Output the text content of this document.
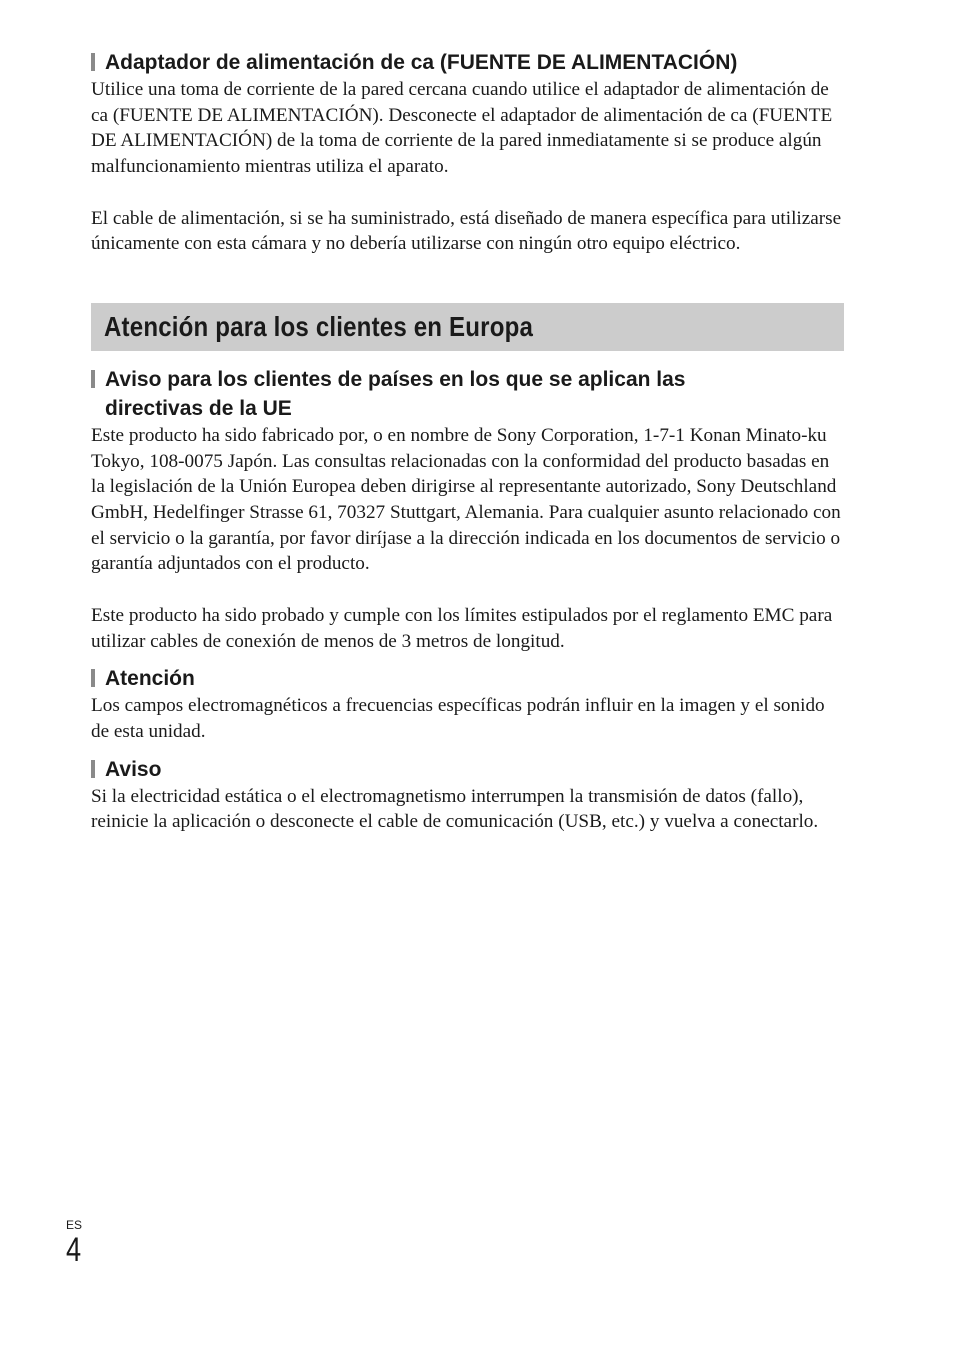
Adaptador de alimentación de ca (FUENTE DE ALIMENTACIÓN)

Utilice una toma de corriente de la pared cercana cuando utilice el adaptador de alimentación de ca (FUENTE DE ALIMENTACIÓN). Desconecte el adaptador de alimentación de ca (FUENTE DE ALIMENTACIÓN) de la toma de corriente de la pared inmediatamente si se produce algún malfuncionamiento mientras utiliza el aparato.

El cable de alimentación, si se ha suministrado, está diseñado de manera específica para utilizarse únicamente con esta cámara y no debería utilizarse con ningún otro equipo eléctrico.

Atención para los clientes en Europa
Aviso para los clientes de países en los que se aplican las
directivas de la UE

Este producto ha sido fabricado por, o en nombre de Sony Corporation, 1-7-1 Konan Minato-ku Tokyo, 108-0075 Japón. Las consultas relacionadas con la conformidad del producto basadas en la legislación de la Unión Europea deben dirigirse al representante autorizado, Sony Deutschland GmbH, Hedelfinger Strasse 61, 70327 Stuttgart, Alemania. Para cualquier asunto relacionado con el servicio o la garantía, por favor diríjase a la dirección indicada en los documentos de servicio o garantía adjuntados con el producto.

Este producto ha sido probado y cumple con los límites estipulados por el reglamento EMC para utilizar cables de conexión de menos de 3 metros de longitud.

Atención

Los campos electromagnéticos a frecuencias específicas podrán influir en la imagen y el sonido de esta unidad.

Aviso

Si la electricidad estática o el electromagnetismo interrumpen la transmisión de datos (fallo), reinicie la aplicación o desconecte el cable de comunicación (USB, etc.) y vuelva a conectarlo.

ES
4
